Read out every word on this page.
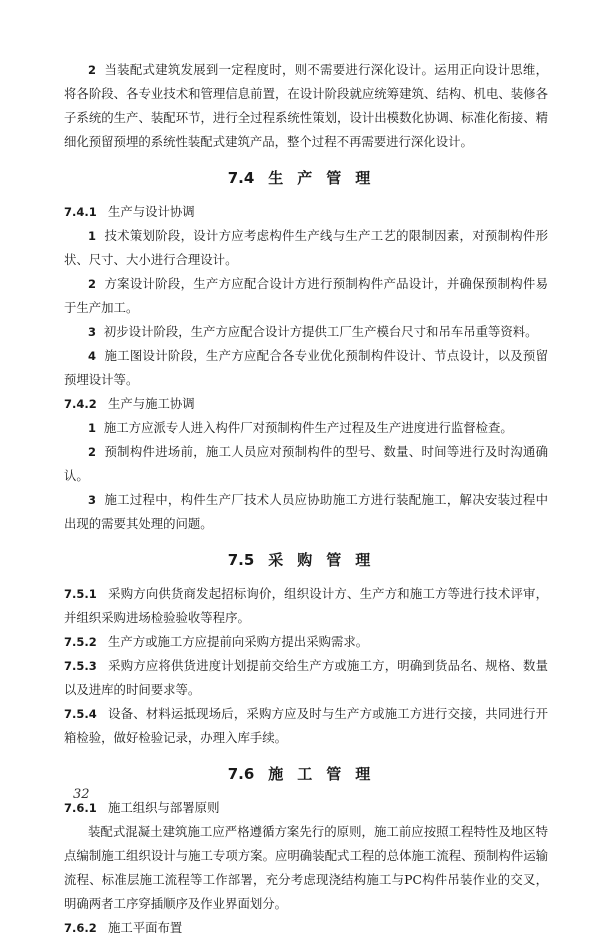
2 当装配式建筑发展到一定程度时，则不需要进行深化设计。运用正向设计思维，将各阶段、各专业技术和管理信息前置，在设计阶段就应统筹建筑、结构、机电、装修各子系统的生产、装配环节，进行全过程系统性策划，设计出模数化协调、标准化衔接、精细化预留预埋的系统性装配式建筑产品，整个过程不再需要进行深化设计。

7.4 生产管理

7.4.1 生产与设计协调

1 技术策划阶段，设计方应考虑构件生产线与生产工艺的限制因素，对预制构件形状、尺寸、大小进行合理设计。

2 方案设计阶段，生产方应配合设计方进行预制构件产品设计，并确保预制构件易于生产加工。

3 初步设计阶段，生产方应配合设计方提供工厂生产模台尺寸和吊车吊重等资料。

4 施工图设计阶段，生产方应配合各专业优化预制构件设计、节点设计，以及预留预埋设计等。

7.4.2 生产与施工协调

1 施工方应派专人进入构件厂对预制构件生产过程及生产进度进行监督检查。

2 预制构件进场前，施工人员应对预制构件的型号、数量、时间等进行及时沟通确认。

3 施工过程中，构件生产厂技术人员应协助施工方进行装配施工，解决安装过程中出现的需要其处理的问题。

7.5 采购管理

7.5.1 采购方向供货商发起招标询价，组织设计方、生产方和施工方等进行技术评审，并组织采购进场检验验收等程序。

7.5.2 生产方或施工方应提前向采购方提出采购需求。

7.5.3 采购方应将供货进度计划提前交给生产方或施工方，明确到货品名、规格、数量以及进库的时间要求等。

7.5.4 设备、材料运抵现场后，采购方应及时与生产方或施工方进行交接，共同进行开箱检验，做好检验记录，办理入库手续。

7.6 施工管理

7.6.1 施工组织与部署原则

装配式混凝土建筑施工应严格遵循方案先行的原则，施工前应按照工程特性及地区特点编制施工组织设计与施工专项方案。应明确装配式工程的总体施工流程、预制构件运输流程、标准层施工流程等工作部署，充分考虑现浇结构施工与PC构件吊装作业的交叉，明确两者工序穿插顺序及作业界面划分。

7.6.2 施工平面布置

32
